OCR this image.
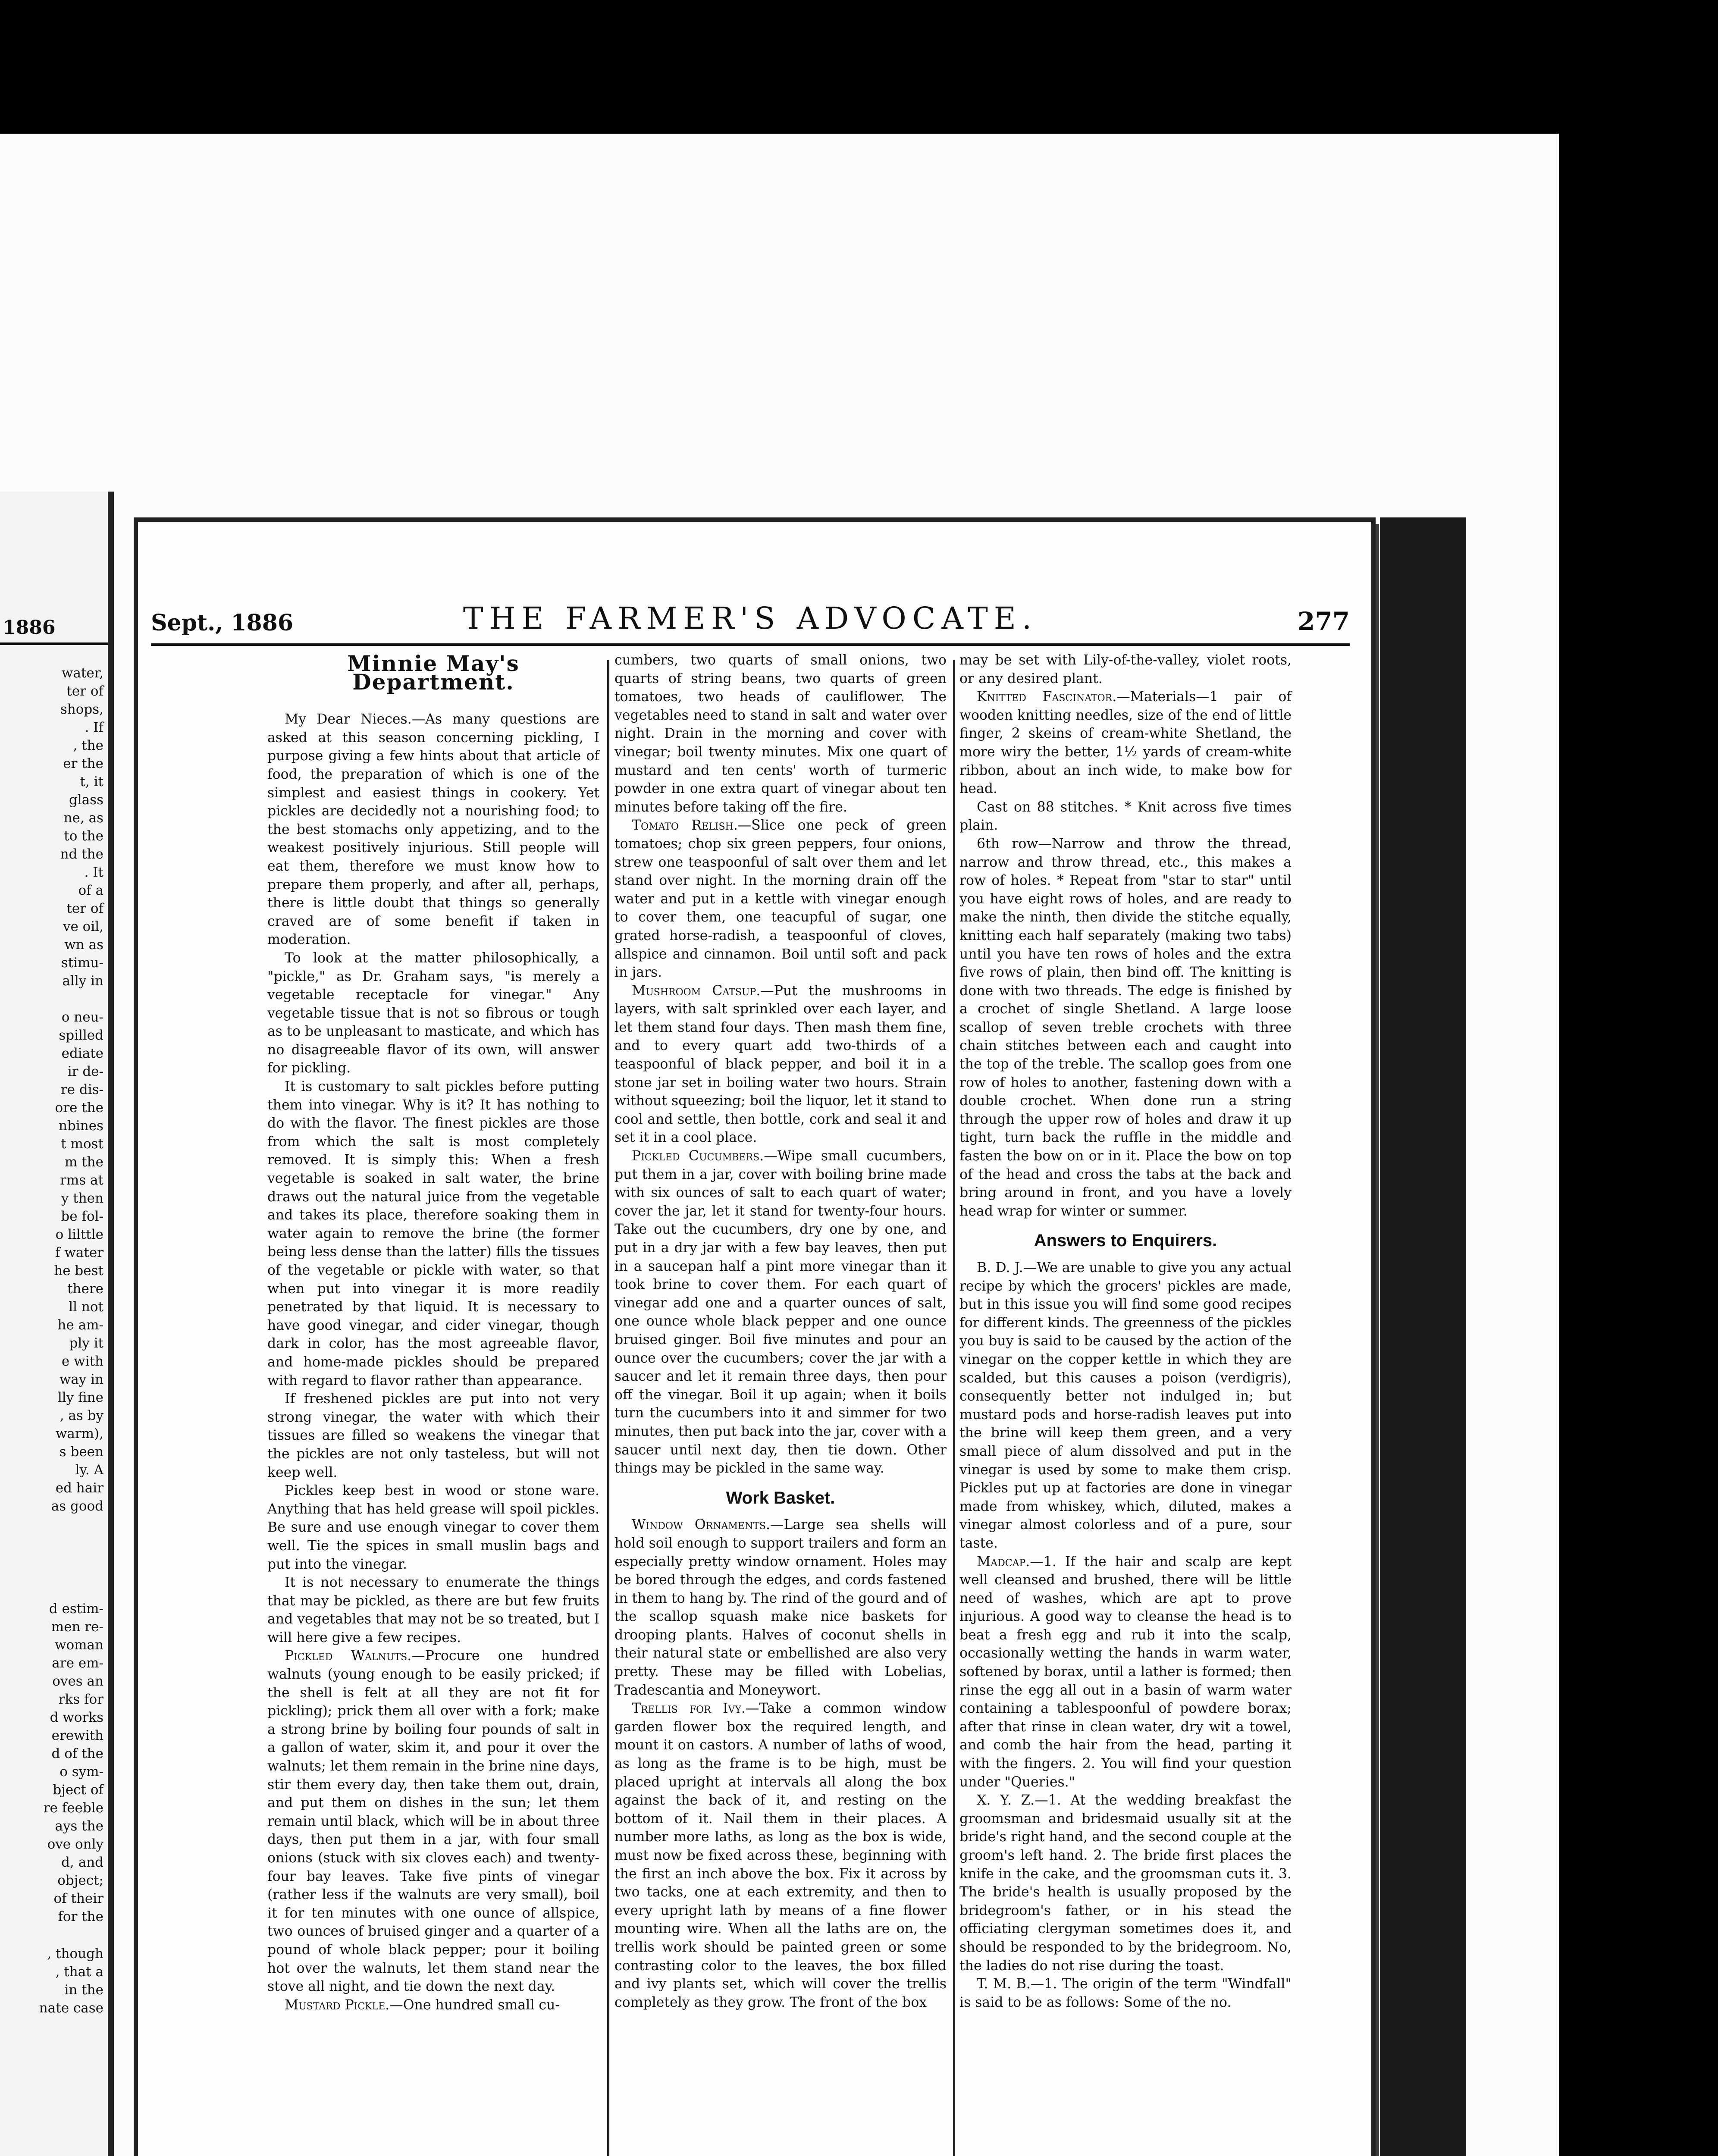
1886
water,
ter of
shops,
. If
, the
er the
t, it
glass
ne, as
to the
nd the
. It
of a
ter of
ve oil,
wn as
stimu-
ally in

o neu-
spilled
ediate
ir de-
re dis-
ore the
nbines
t most
m the
rms at
y then
be fol-
o lilttle
f water
he best
there
ll not
he am-
ply it
e with
way in
lly fine
, as by
warm),
s been
ly. A
ed hair
as good
d estim-
men re-
woman
are em-
oves an
rks for
d works
erewith
d of the
o sym-
bject of
re feeble
ays the
ove only
d, and
object;
of their
for the
, though
, that a
in the
nate case
Sept., 1886	THE FARMER'S ADVOCATE.	277
Minnie May's Department.

My Dear Nieces.—As many questions are asked at this season concerning pickling, I purpose giving a few hints about that article of food, the preparation of which is one of the simplest and easiest things in cookery. Yet pickles are decidedly not a nourishing food; to the best stomachs only appetizing, and to the weakest positively injurious. Still people will eat them, therefore we must know how to prepare them properly, and after all, perhaps, there is little doubt that things so generally craved are of some benefit if taken in moderation.

To look at the matter philosophically, a "pickle," as Dr. Graham says, "is merely a vegetable receptacle for vinegar." Any vegetable tissue that is not so fibrous or tough as to be unpleasant to masticate, and which has no disagreeable flavor of its own, will answer for pickling.

It is customary to salt pickles before putting them into vinegar. Why is it? It has nothing to do with the flavor. The finest pickles are those from which the salt is most completely removed. It is simply this: When a fresh vegetable is soaked in salt water, the brine draws out the natural juice from the vegetable and takes its place, therefore soaking them in water again to remove the brine (the former being less dense than the latter) fills the tissues of the vegetable or pickle with water, so that when put into vinegar it is more readily penetrated by that liquid. It is necessary to have good vinegar, and cider vinegar, though dark in color, has the most agreeable flavor, and home-made pickles should be prepared with regard to flavor rather than appearance.

If freshened pickles are put into not very strong vinegar, the water with which their tissues are filled so weakens the vinegar that the pickles are not only tasteless, but will not keep well.

Pickles keep best in wood or stone ware. Anything that has held grease will spoil pickles. Be sure and use enough vinegar to cover them well. Tie the spices in small muslin bags and put into the vinegar.

It is not necessary to enumerate the things that may be pickled, as there are but few fruits and vegetables that may not be so treated, but I will here give a few recipes.

Pickled Walnuts.—Procure one hundred walnuts (young enough to be easily pricked; if the shell is felt at all they are not fit for pickling); prick them all over with a fork; make a strong brine by boiling four pounds of salt in a gallon of water, skim it, and pour it over the walnuts; let them remain in the brine nine days, stir them every day, then take them out, drain, and put them on dishes in the sun; let them remain until black, which will be in about three days, then put them in a jar, with four small onions (stuck with six cloves each) and twenty-four bay leaves. Take five pints of vinegar (rather less if the walnuts are very small), boil it for ten minutes with one ounce of allspice, two ounces of bruised ginger and a quarter of a pound of whole black pepper; pour it boiling hot over the walnuts, let them stand near the stove all night, and tie down the next day.

Mustard Pickle.—One hundred small cu-

cumbers, two quarts of small onions, two quarts of string beans, two quarts of green tomatoes, two heads of cauliflower. The vegetables need to stand in salt and water over night. Drain in the morning and cover with vinegar; boil twenty minutes. Mix one quart of mustard and ten cents' worth of turmeric powder in one extra quart of vinegar about ten minutes before taking off the fire.

Tomato Relish.—Slice one peck of green tomatoes; chop six green peppers, four onions, strew one teaspoonful of salt over them and let stand over night. In the morning drain off the water and put in a kettle with vinegar enough to cover them, one teacupful of sugar, one grated horse-radish, a teaspoonful of cloves, allspice and cinnamon. Boil until soft and pack in jars.

Mushroom Catsup.—Put the mushrooms in layers, with salt sprinkled over each layer, and let them stand four days. Then mash them fine, and to every quart add two-thirds of a teaspoonful of black pepper, and boil it in a stone jar set in boiling water two hours. Strain without squeezing; boil the liquor, let it stand to cool and settle, then bottle, cork and seal it and set it in a cool place.

Pickled Cucumbers.—Wipe small cucumbers, put them in a jar, cover with boiling brine made with six ounces of salt to each quart of water; cover the jar, let it stand for twenty-four hours. Take out the cucumbers, dry one by one, and put in a dry jar with a few bay leaves, then put in a saucepan half a pint more vinegar than it took brine to cover them. For each quart of vinegar add one and a quarter ounces of salt, one ounce whole black pepper and one ounce bruised ginger. Boil five minutes and pour an ounce over the cucumbers; cover the jar with a saucer and let it remain three days, then pour off the vinegar. Boil it up again; when it boils turn the cucumbers into it and simmer for two minutes, then put back into the jar, cover with a saucer until next day, then tie down. Other things may be pickled in the same way.

Work Basket.

Window Ornaments.—Large sea shells will hold soil enough to support trailers and form an especially pretty window ornament. Holes may be bored through the edges, and cords fastened in them to hang by. The rind of the gourd and of the scallop squash make nice baskets for drooping plants. Halves of coconut shells in their natural state or embellished are also very pretty. These may be filled with Lobelias, Tradescantia and Moneywort.

Trellis for Ivy.—Take a common window garden flower box the required length, and mount it on castors. A number of laths of wood, as long as the frame is to be high, must be placed upright at intervals all along the box against the back of it, and resting on the bottom of it. Nail them in their places. A number more laths, as long as the box is wide, must now be fixed across these, beginning with the first an inch above the box. Fix it across by two tacks, one at each extremity, and then to every upright lath by means of a fine flower mounting wire. When all the laths are on, the trellis work should be painted green or some contrasting color to the leaves, the box filled and ivy plants set, which will cover the trellis completely as they grow. The front of the box

may be set with Lily-of-the-valley, violet roots, or any desired plant.

Knitted Fascinator.—Materials—1 pair of wooden knitting needles, size of the end of little finger, 2 skeins of cream-white Shetland, the more wiry the better, 1½ yards of cream-white ribbon, about an inch wide, to make bow for head.

Cast on 88 stitches. * Knit across five times plain.

6th row—Narrow and throw the thread, narrow and throw thread, etc., this makes a row of holes. * Repeat from "star to star" until you have eight rows of holes, and are ready to make the ninth, then divide the stitche equally, knitting each half separately (making two tabs) until you have ten rows of holes and the extra five rows of plain, then bind off. The knitting is done with two threads. The edge is finished by a crochet of single Shetland. A large loose scallop of seven treble crochets with three chain stitches between each and caught into the top of the treble. The scallop goes from one row of holes to another, fastening down with a double crochet. When done run a string through the upper row of holes and draw it up tight, turn back the ruffle in the middle and fasten the bow on or in it. Place the bow on top of the head and cross the tabs at the back and bring around in front, and you have a lovely head wrap for winter or summer.

Answers to Enquirers.

B. D. J.—We are unable to give you any actual recipe by which the grocers' pickles are made, but in this issue you will find some good recipes for different kinds. The greenness of the pickles you buy is said to be caused by the action of the vinegar on the copper kettle in which they are scalded, but this causes a poison (verdigris), consequently better not indulged in; but mustard pods and horse-radish leaves put into the brine will keep them green, and a very small piece of alum dissolved and put in the vinegar is used by some to make them crisp. Pickles put up at factories are done in vinegar made from whiskey, which, diluted, makes a vinegar almost colorless and of a pure, sour taste.

Madcap.—1. If the hair and scalp are kept well cleansed and brushed, there will be little need of washes, which are apt to prove injurious. A good way to cleanse the head is to beat a fresh egg and rub it into the scalp, occasionally wetting the hands in warm water, softened by borax, until a lather is formed; then rinse the egg all out in a basin of warm water containing a tablespoonful of powdere borax; after that rinse in clean water, dry wit a towel, and comb the hair from the head, parting it with the fingers. 2. You will find your question under "Queries."

X. Y. Z.—1. At the wedding breakfast the groomsman and bridesmaid usually sit at the bride's right hand, and the second couple at the groom's left hand. 2. The bride first places the knife in the cake, and the groomsman cuts it. 3. The bride's health is usually proposed by the bridegroom's father, or in his stead the officiating clergyman sometimes does it, and should be responded to by the bridegroom. No, the ladies do not rise during the toast.

T. M. B.—1. The origin of the term "Windfall" is said to be as follows: Some of the no.
